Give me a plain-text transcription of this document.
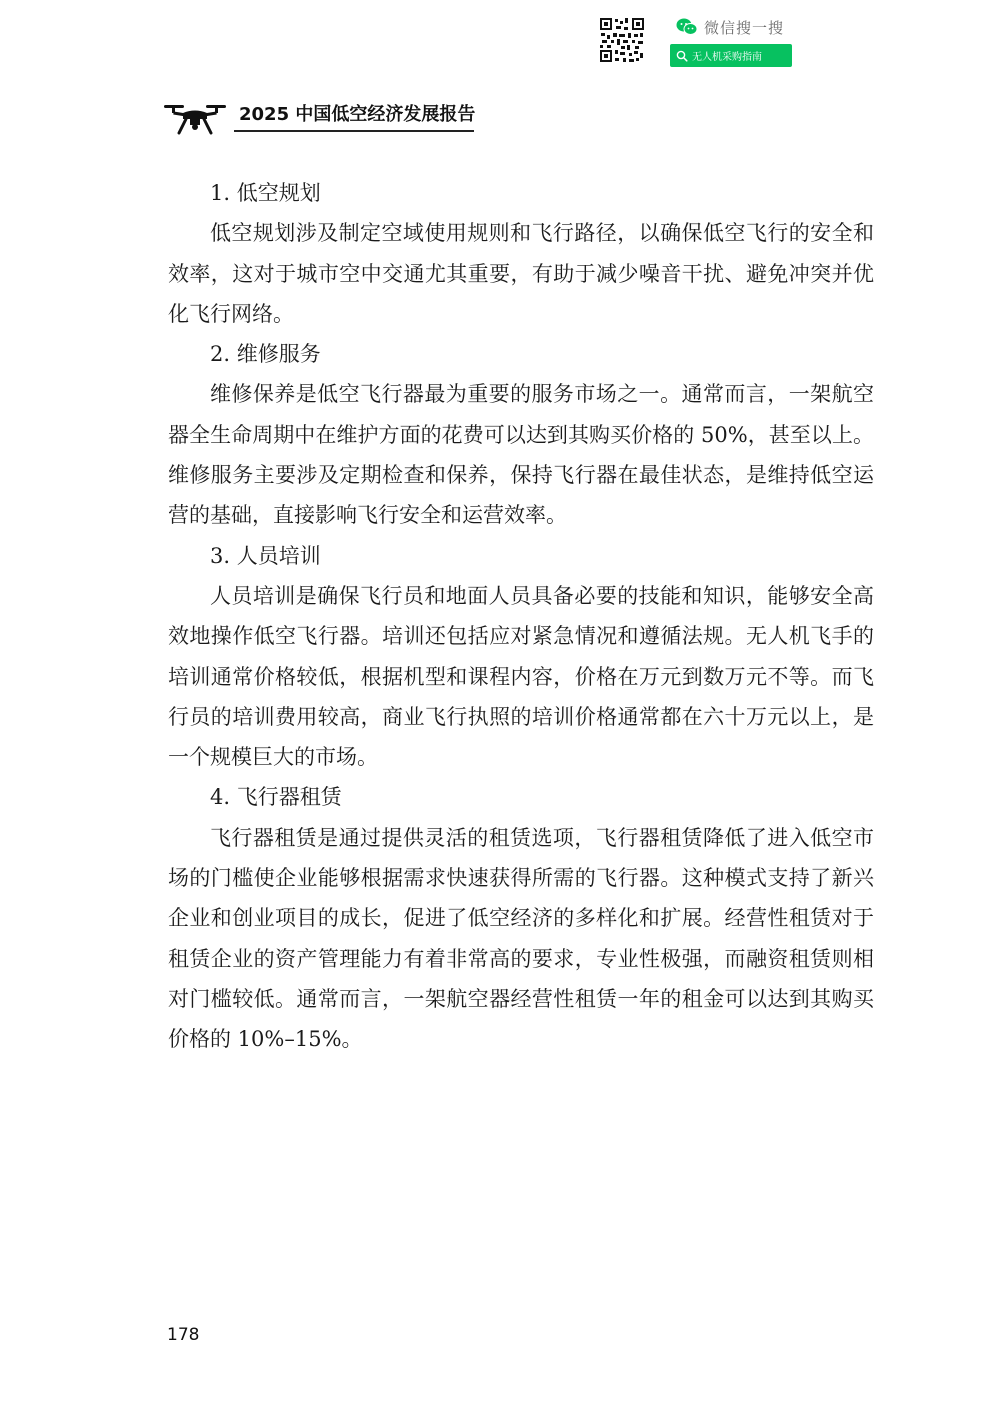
微信搜一搜
无人机采购指南
2025 中国低空经济发展报告

1. 低空规划

低空规划涉及制定空域使用规则和飞行路径，以确保低空飞行的安全和效率，这对于城市空中交通尤其重要，有助于减少噪音干扰、避免冲突并优化飞行网络。

2. 维修服务

维修保养是低空飞行器最为重要的服务市场之一。通常而言，一架航空器全生命周期中在维护方面的花费可以达到其购买价格的 50%，甚至以上。维修服务主要涉及定期检查和保养，保持飞行器在最佳状态，是维持低空运营的基础，直接影响飞行安全和运营效率。

3. 人员培训

人员培训是确保飞行员和地面人员具备必要的技能和知识，能够安全高效地操作低空飞行器。培训还包括应对紧急情况和遵循法规。无人机飞手的培训通常价格较低，根据机型和课程内容，价格在万元到数万元不等。而飞行员的培训费用较高，商业飞行执照的培训价格通常都在六十万元以上，是一个规模巨大的市场。

4. 飞行器租赁

飞行器租赁是通过提供灵活的租赁选项，飞行器租赁降低了进入低空市场的门槛使企业能够根据需求快速获得所需的飞行器。这种模式支持了新兴企业和创业项目的成长，促进了低空经济的多样化和扩展。经营性租赁对于租赁企业的资产管理能力有着非常高的要求，专业性极强，而融资租赁则相对门槛较低。通常而言，一架航空器经营性租赁一年的租金可以达到其购买价格的 10%–15%。

178
